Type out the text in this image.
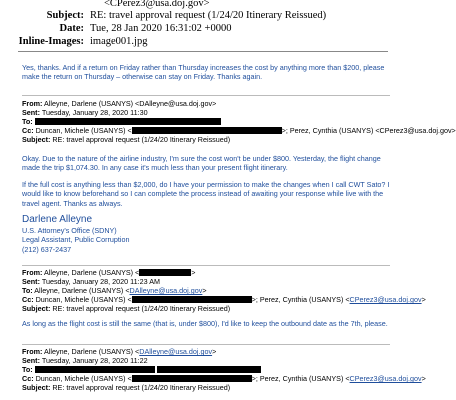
<CPerez3@usa.doj.gov>
Subject: RE: travel approval request (1/24/20 Itinerary Reissued)
Date: Tue, 28 Jan 2020 16:31:02 +0000
Inline-Images: image001.jpg
Yes, thanks. And if a return on Friday rather than Thursday increases the cost by anything more than $200, please make the return on Thursday – otherwise can stay on Friday. Thanks again.
From: Alleyne, Darlene (USANYS) <DAlleyne@usa.doj.gov>
Sent: Tuesday, January 28, 2020 11:30
To:
Cc: Duncan, Michele (USANYS) <	>; Perez, Cynthia (USANYS) <CPerez3@usa.doj.gov>
Subject: RE: travel approval request (1/24/20 Itinerary Reissued)
Okay. Due to the nature of the airline industry, I'm sure the cost won't be under $800. Yesterday, the flight change made the trip $1,074.30. In any case it's much less than your present flight itinerary.
If the full cost is anything less than $2,000, do I have your permission to make the changes when I call CWT Sato? I would like to know beforehand so I can complete the process instead of awaiting your response while live with the travel agent. Thanks as always.
Darlene Alleyne
U.S. Attorney's Office (SDNY)
Legal Assistant, Public Corruption
(212) 637-2437
From: Alleyne, Darlene (USANYS) <	>
Sent: Tuesday, January 28, 2020 11:23 AM
To: Alleyne, Darlene (USANYS) <DAlleyne@usa.doj.gov>
Cc: Duncan, Michele (USANYS) <	>; Perez, Cynthia (USANYS) <CPerez3@usa.doj.gov>
Subject: RE: travel approval request (1/24/20 Itinerary Reissued)
As long as the flight cost is still the same (that is, under $800), I'd like to keep the outbound date as the 7th, please.
From: Alleyne, Darlene (USANYS) <DAlleyne@usa.doj.gov>
Sent: Tuesday, January 28, 2020 11:22
To:
Cc: Duncan, Michele (USANYS) <	>; Perez, Cynthia (USANYS) <CPerez3@usa.doj.gov>
Subject: RE: travel approval request (1/24/20 Itinerary Reissued)
